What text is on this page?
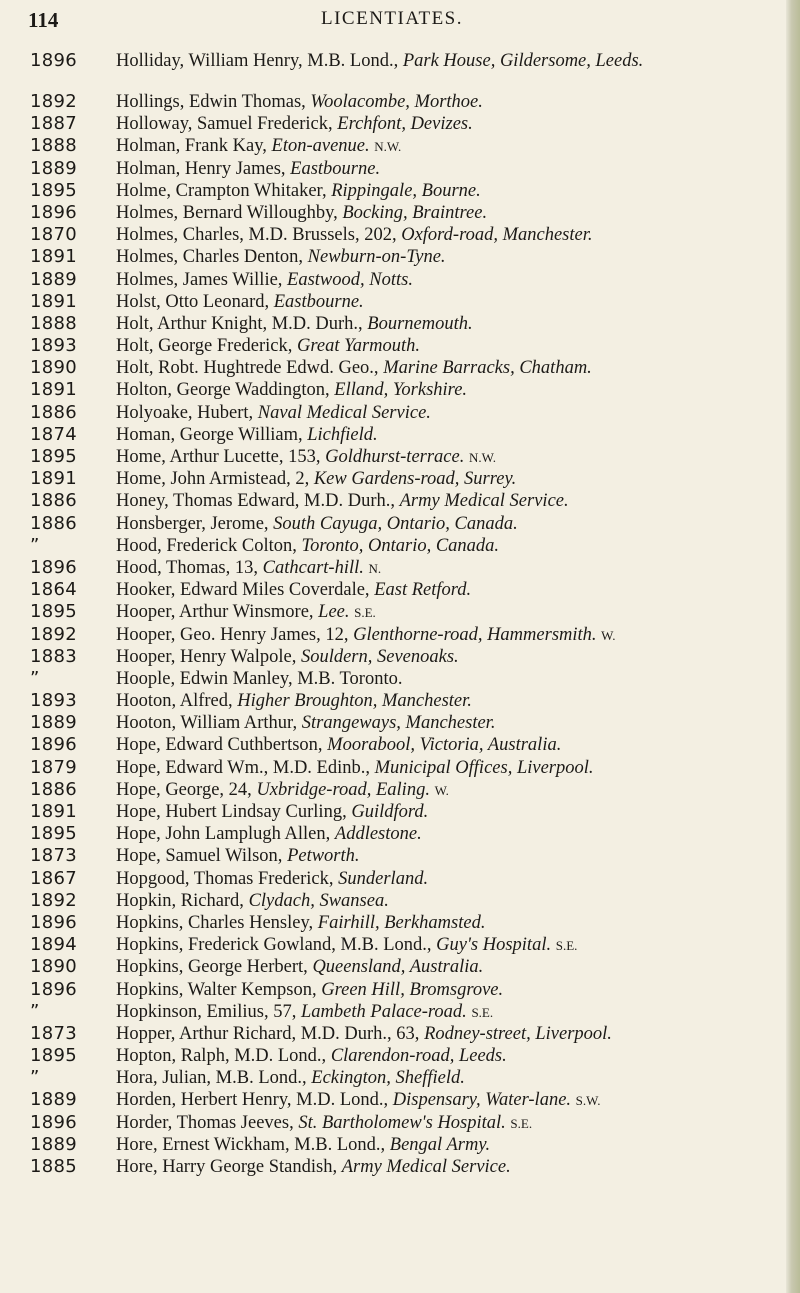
114	LICENTIATES.
1896	Holliday, William Henry, M.B. Lond., Park House, Gildersome, Leeds.
1892	Hollings, Edwin Thomas, Woolacombe, Morthoe.
1887	Holloway, Samuel Frederick, Erchfont, Devizes.
1888	Holman, Frank Kay, Eton-avenue. N.W.
1889	Holman, Henry James, Eastbourne.
1895	Holme, Crampton Whitaker, Rippingale, Bourne.
1896	Holmes, Bernard Willoughby, Bocking, Braintree.
1870	Holmes, Charles, M.D. Brussels, 202, Oxford-road, Manchester.
1891	Holmes, Charles Denton, Newburn-on-Tyne.
1889	Holmes, James Willie, Eastwood, Notts.
1891	Holst, Otto Leonard, Eastbourne.
1888	Holt, Arthur Knight, M.D. Durh., Bournemouth.
1893	Holt, George Frederick, Great Yarmouth.
1890	Holt, Robt. Hughtrede Edwd. Geo., Marine Barracks, Chatham.
1891	Holton, George Waddington, Elland, Yorkshire.
1886	Holyoake, Hubert, Naval Medical Service.
1874	Homan, George William, Lichfield.
1895	Home, Arthur Lucette, 153, Goldhurst-terrace. N.W.
1891	Home, John Armistead, 2, Kew Gardens-road, Surrey.
1886	Honey, Thomas Edward, M.D. Durh., Army Medical Service.
1886	Honsberger, Jerome, South Cayuga, Ontario, Canada.
”	Hood, Frederick Colton, Toronto, Ontario, Canada.
1896	Hood, Thomas, 13, Cathcart-hill. N.
1864	Hooker, Edward Miles Coverdale, East Retford.
1895	Hooper, Arthur Winsmore, Lee. S.E.
1892	Hooper, Geo. Henry James, 12, Glenthorne-road, Hammersmith. W.
1883	Hooper, Henry Walpole, Souldern, Sevenoaks.
”	Hoople, Edwin Manley, M.B. Toronto.
1893	Hooton, Alfred, Higher Broughton, Manchester.
1889	Hooton, William Arthur, Strangeways, Manchester.
1896	Hope, Edward Cuthbertson, Moorabool, Victoria, Australia.
1879	Hope, Edward Wm., M.D. Edinb., Municipal Offices, Liverpool.
1886	Hope, George, 24, Uxbridge-road, Ealing. W.
1891	Hope, Hubert Lindsay Curling, Guildford.
1895	Hope, John Lamplugh Allen, Addlestone.
1873	Hope, Samuel Wilson, Petworth.
1867	Hopgood, Thomas Frederick, Sunderland.
1892	Hopkin, Richard, Clydach, Swansea.
1896	Hopkins, Charles Hensley, Fairhill, Berkhamsted.
1894	Hopkins, Frederick Gowland, M.B. Lond., Guy's Hospital. S.E.
1890	Hopkins, George Herbert, Queensland, Australia.
1896	Hopkins, Walter Kempson, Green Hill, Bromsgrove.
”	Hopkinson, Emilius, 57, Lambeth Palace-road. S.E.
1873	Hopper, Arthur Richard, M.D. Durh., 63, Rodney-street, Liverpool.
1895	Hopton, Ralph, M.D. Lond., Clarendon-road, Leeds.
”	Hora, Julian, M.B. Lond., Eckington, Sheffield.
1889	Horden, Herbert Henry, M.D. Lond., Dispensary, Water-lane. S.W.
1896	Horder, Thomas Jeeves, St. Bartholomew's Hospital. S.E.
1889	Hore, Ernest Wickham, M.B. Lond., Bengal Army.
1885	Hore, Harry George Standish, Army Medical Service.
